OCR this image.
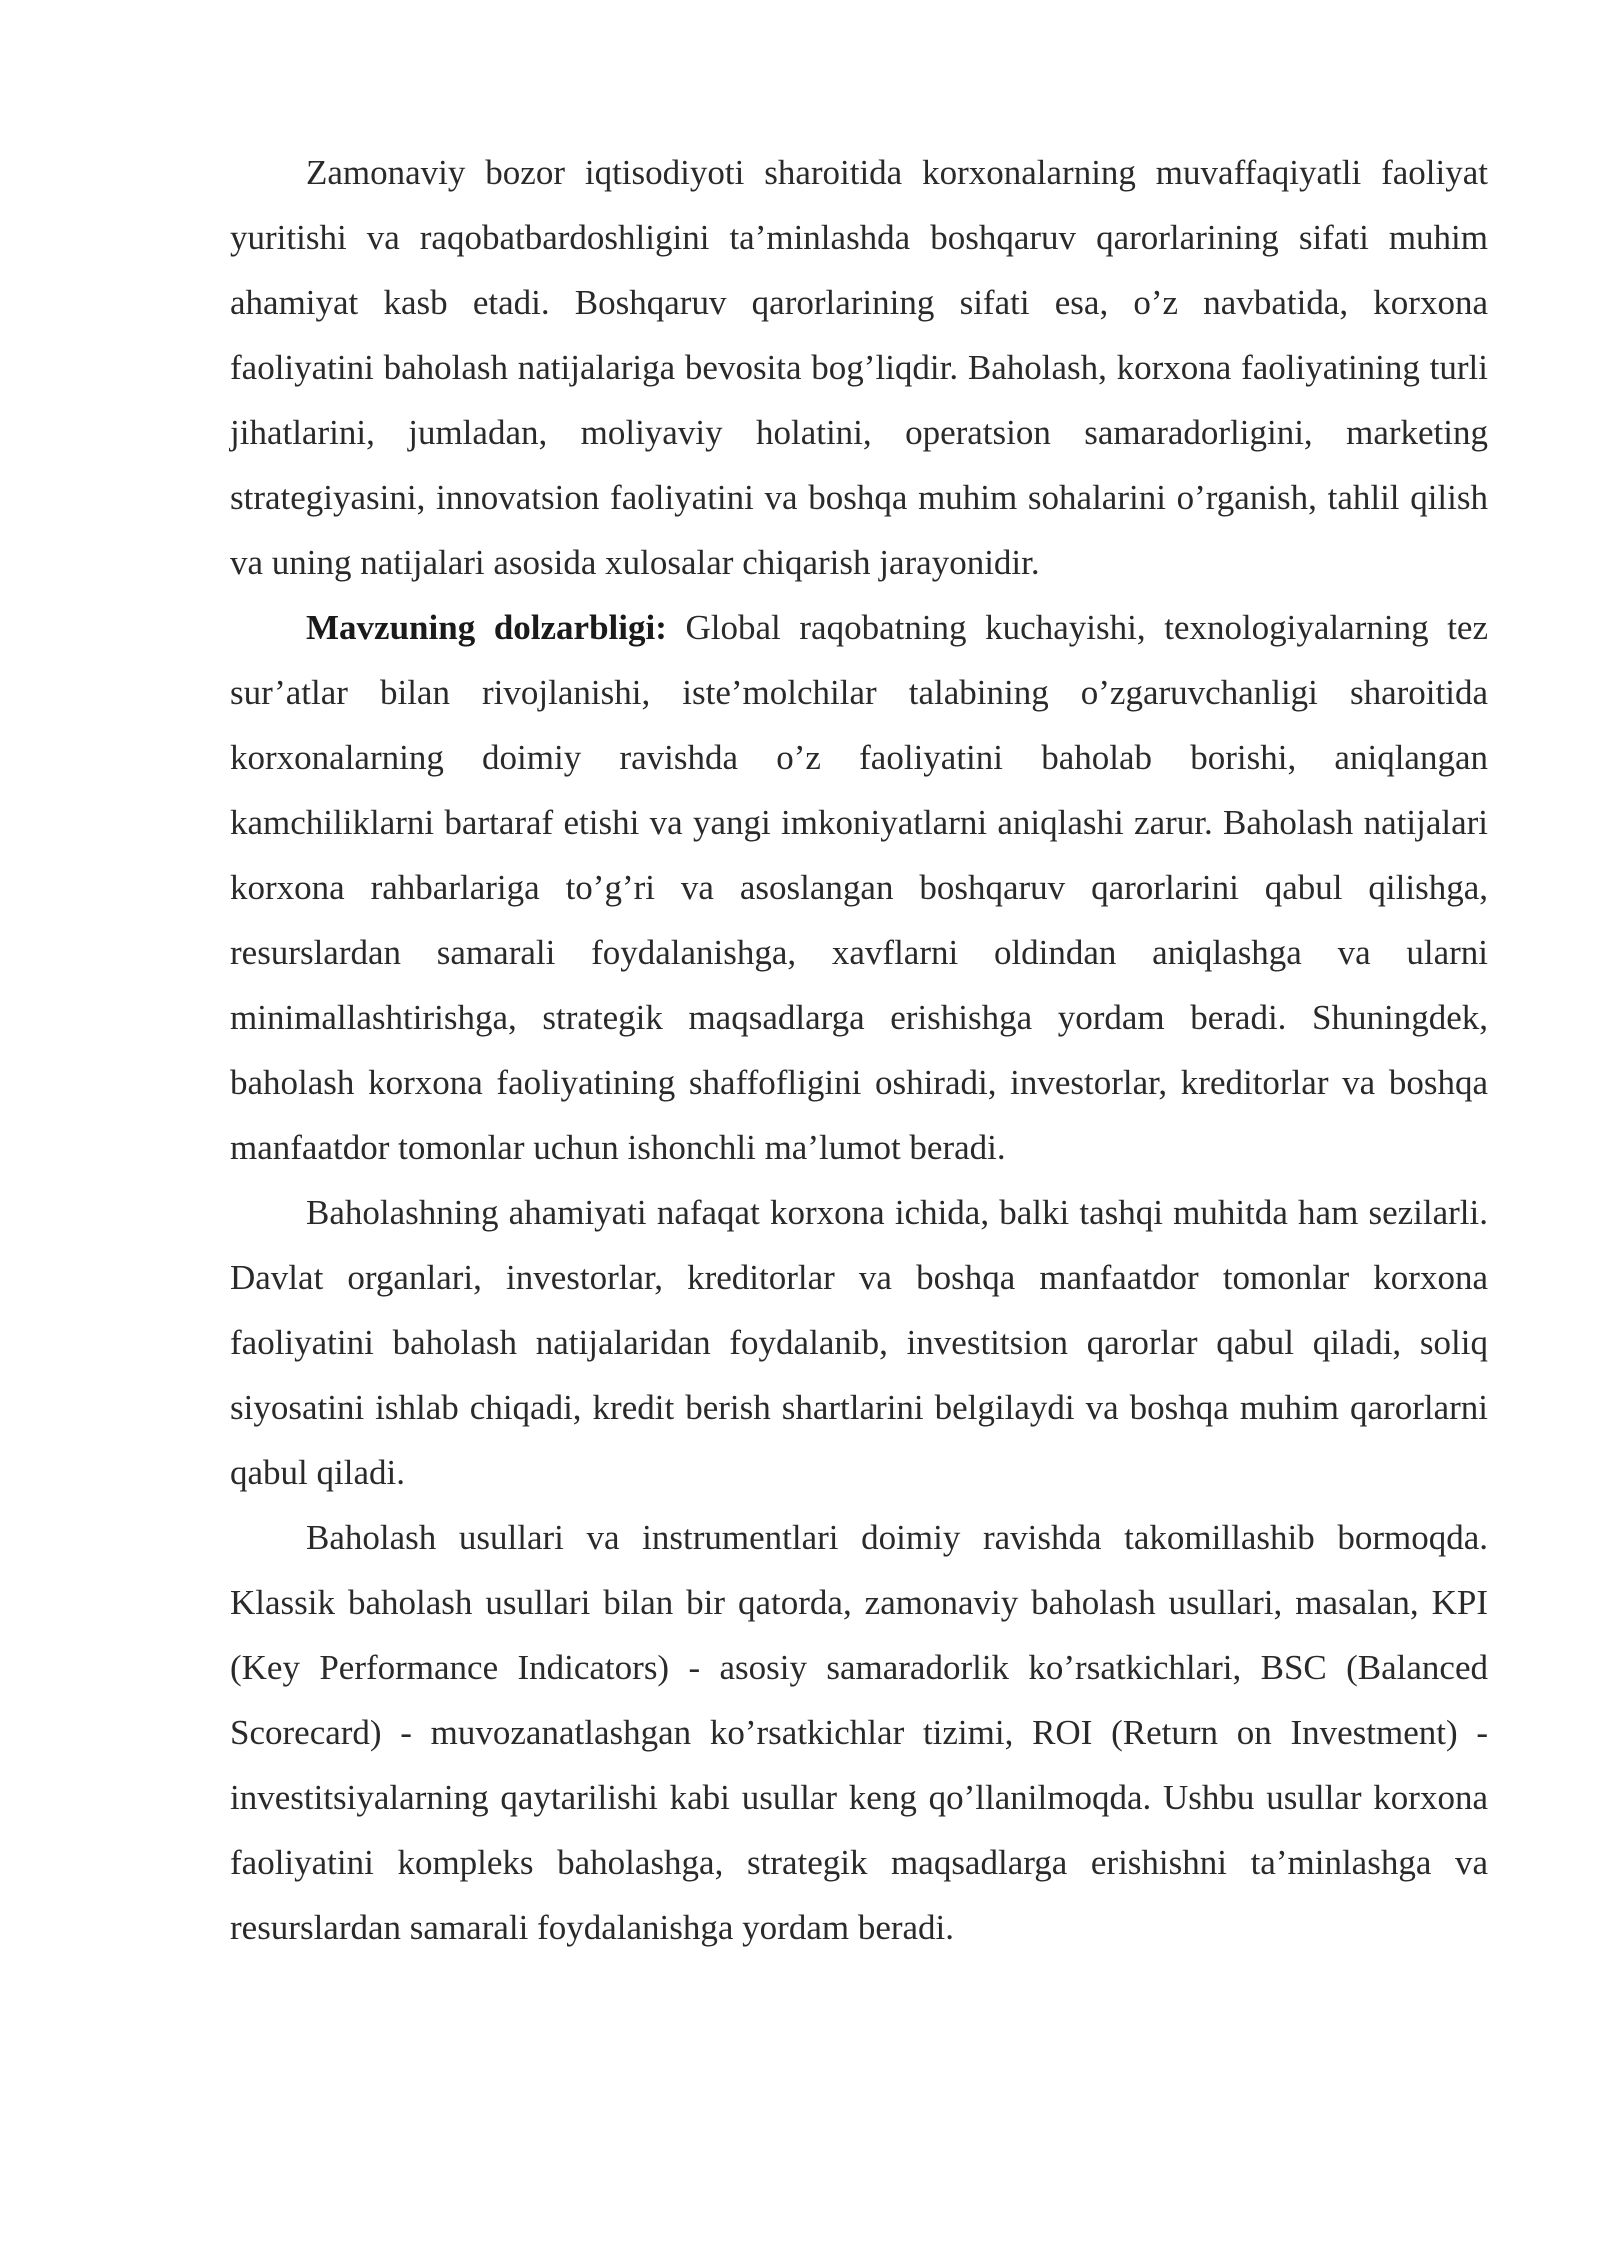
Zamonaviy bozor iqtisodiyoti sharoitida korxonalarning muvaffaqiyatli faoliyat yuritishi va raqobatbardoshligini ta’minlashda boshqaruv qarorlarining sifati muhim ahamiyat kasb etadi. Boshqaruv qarorlarining sifati esa, o’z navbatida, korxona faoliyatini baholash natijalariga bevosita bog’liqdir. Baholash, korxona faoliyatining turli jihatlarini, jumladan, moliyaviy holatini, operatsion samaradorligini, marketing strategiyasini, innovatsion faoliyatini va boshqa muhim sohalarini o’rganish, tahlil qilish va uning natijalari asosida xulosalar chiqarish jarayonidir.

Mavzuning dolzarbligi: Global raqobatning kuchayishi, texnologiyalarning tez sur’atlar bilan rivojlanishi, iste’molchilar talabining o’zgaruvchanligi sharoitida korxonalarning doimiy ravishda o’z faoliyatini baholab borishi, aniqlangan kamchiliklarni bartaraf etishi va yangi imkoniyatlarni aniqlashi zarur. Baholash natijalari korxona rahbarlariga to’g’ri va asoslangan boshqaruv qarorlarini qabul qilishga, resurslardan samarali foydalanishga, xavflarni oldindan aniqlashga va ularni minimallashtirishga, strategik maqsadlarga erishishga yordam beradi. Shuningdek, baholash korxona faoliyatining shaffofligini oshiradi, investorlar, kreditorlar va boshqa manfaatdor tomonlar uchun ishonchli ma’lumot beradi.

Baholashning ahamiyati nafaqat korxona ichida, balki tashqi muhitda ham sezilarli. Davlat organlari, investorlar, kreditorlar va boshqa manfaatdor tomonlar korxona faoliyatini baholash natijalaridan foydalanib, investitsion qarorlar qabul qiladi, soliq siyosatini ishlab chiqadi, kredit berish shartlarini belgilaydi va boshqa muhim qarorlarni qabul qiladi.

Baholash usullari va instrumentlari doimiy ravishda takomillashib bormoqda. Klassik baholash usullari bilan bir qatorda, zamonaviy baholash usullari, masalan, KPI (Key Performance Indicators) - asosiy samaradorlik ko’rsatkichlari, BSC (Balanced Scorecard) - muvozanatlashgan ko’rsatkichlar tizimi, ROI (Return on Investment) - investitsiyalarning qaytarilishi kabi usullar keng qo’llanilmoqda. Ushbu usullar korxona faoliyatini kompleks baholashga, strategik maqsadlarga erishishni ta’minlashga va resurslardan samarali foydalanishga yordam beradi.
